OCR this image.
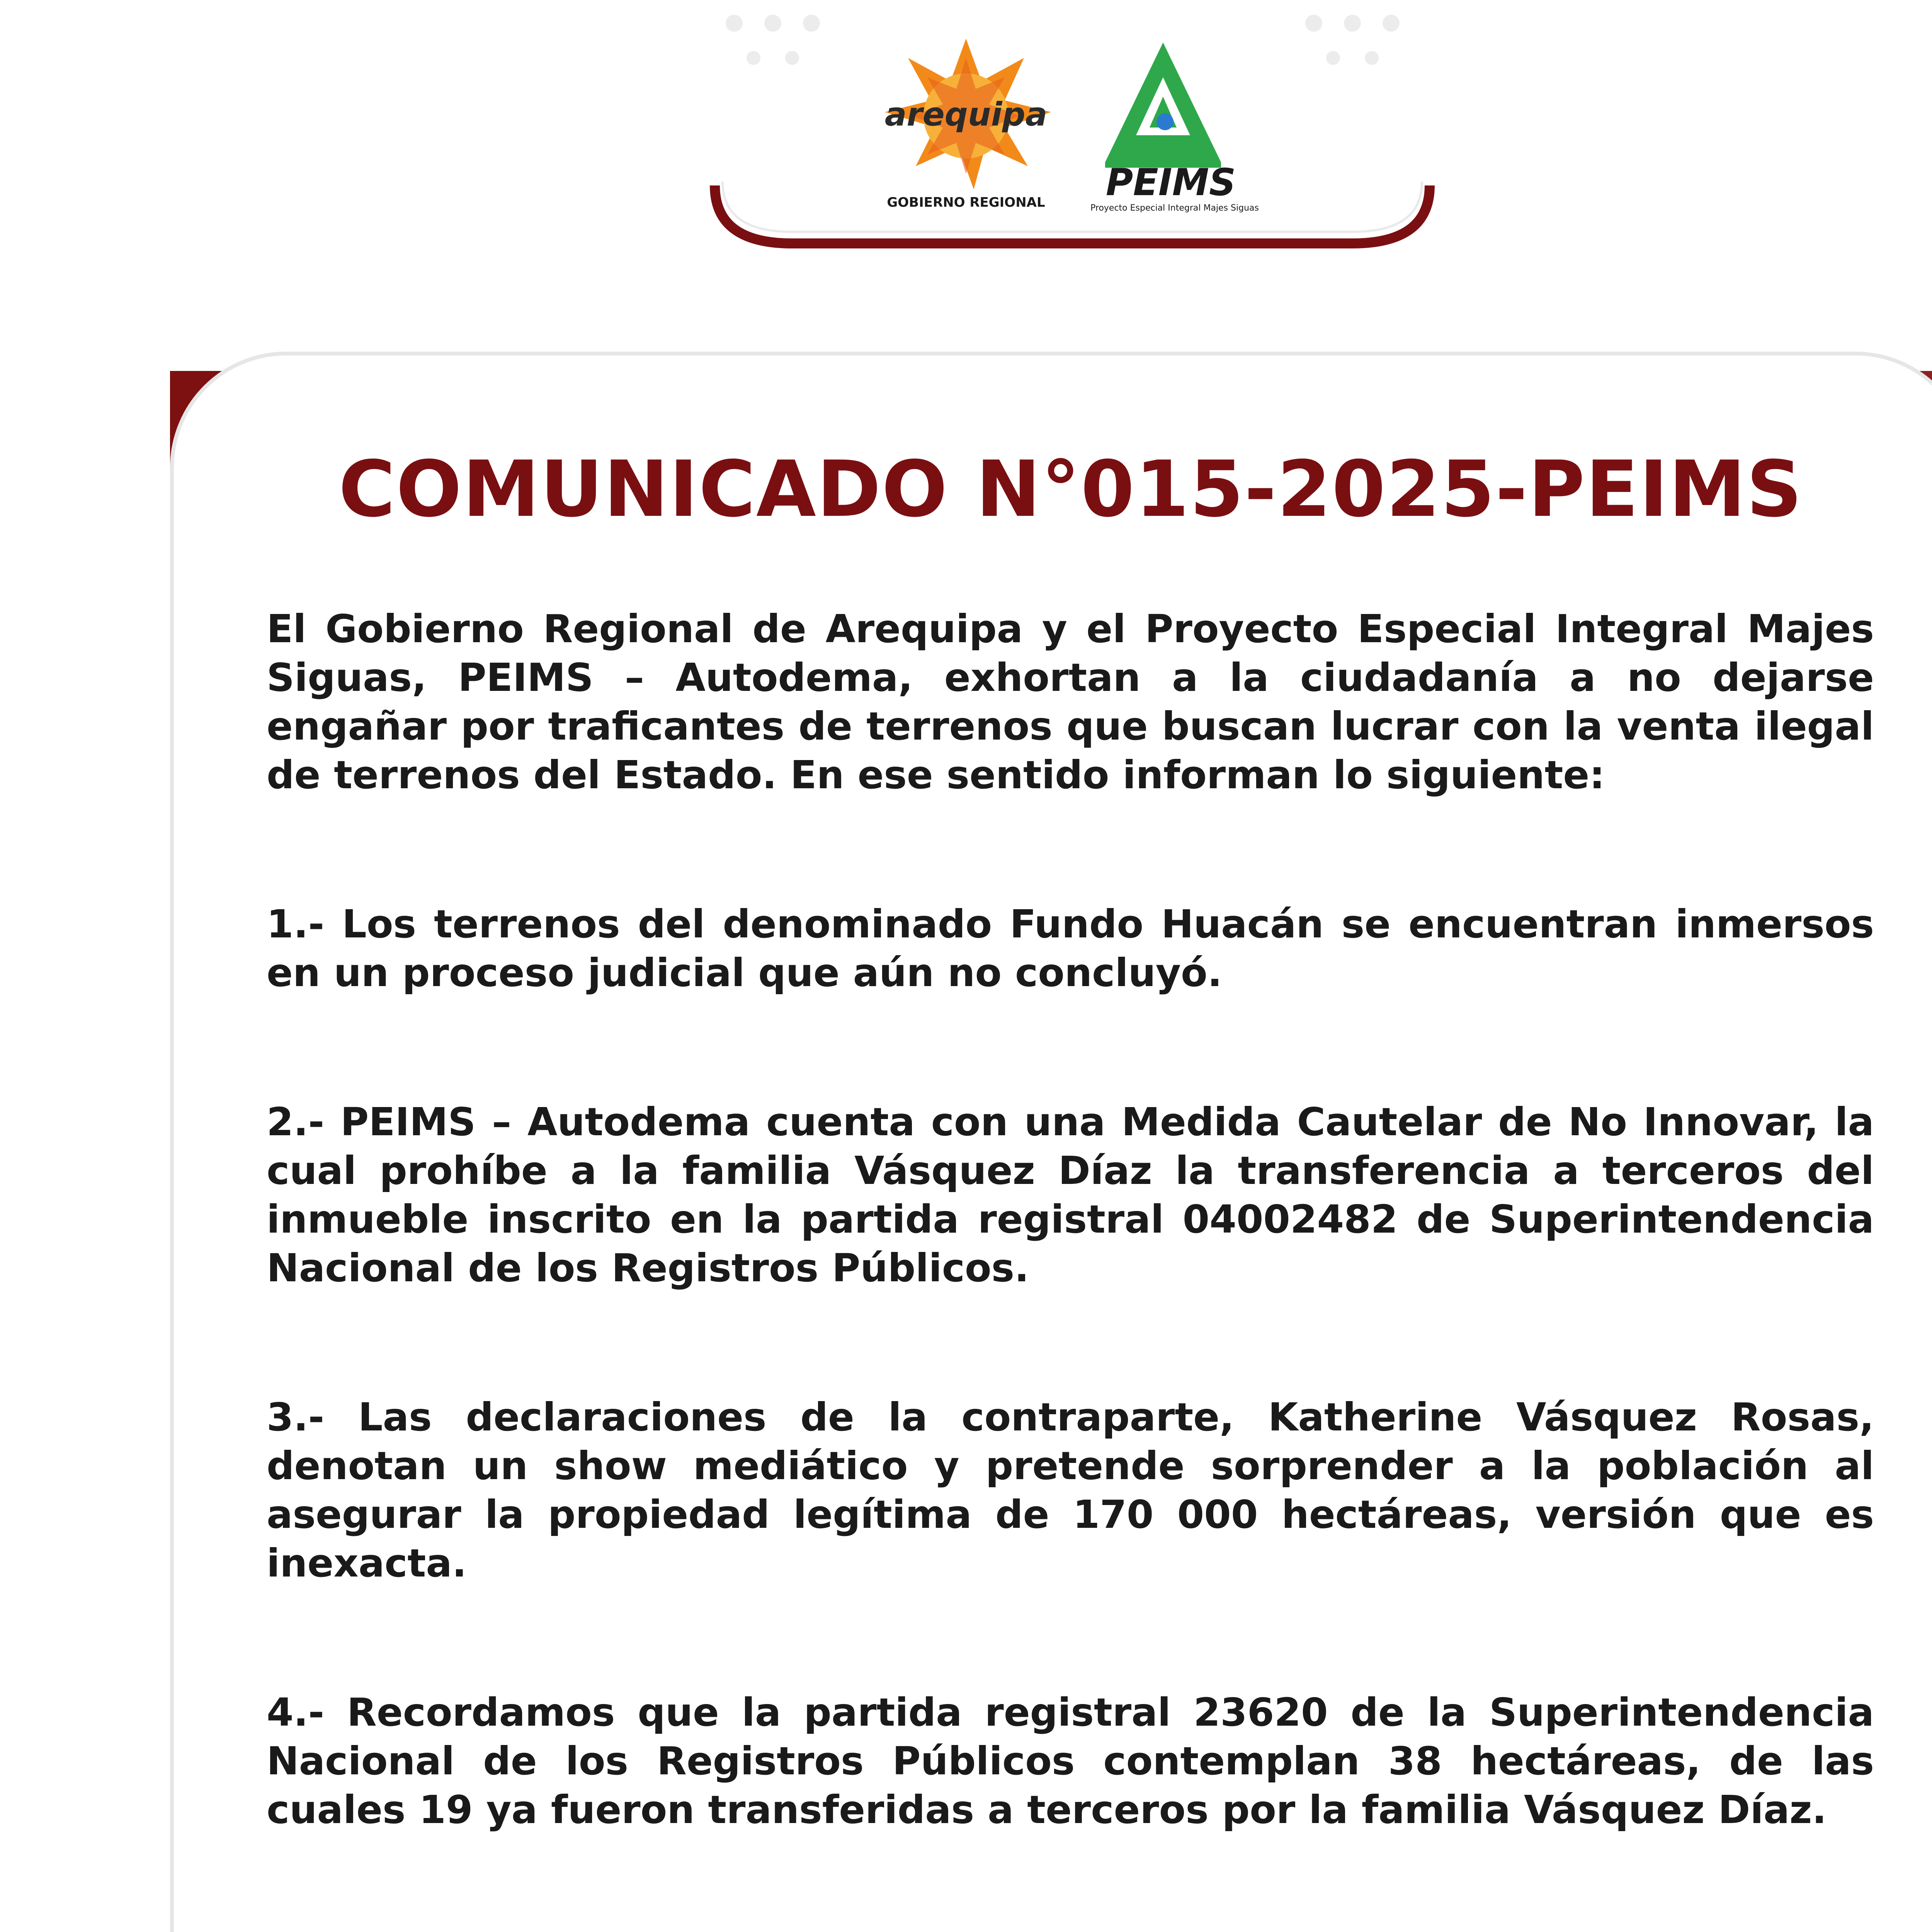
arequipa
GOBIERNO REGIONAL PEIMS
Proyecto Especial Integral Majes Siguas
COMUNICADO N°015-2025-PEIMS

El Gobierno Regional de Arequipa y el Proyecto Especial Integral Majes Siguas, PEIMS – Autodema, exhortan a la ciudadanía a no dejarse engañar por traficantes de terrenos que buscan lucrar con la venta ilegal de terrenos del Estado. En ese sentido informan lo siguiente:

1.- Los terrenos del denominado Fundo Huacán se encuentran inmersos en un proceso judicial que aún no concluyó.

2.- PEIMS – Autodema cuenta con una Medida Cautelar de No Innovar, la cual prohíbe a la familia Vásquez Díaz la transferencia a terceros del inmueble inscrito en la partida registral 04002482 de Superintendencia Nacional de los Registros Públicos.

3.- Las declaraciones de la contraparte, Katherine Vásquez Rosas, denotan un show mediático y pretende sorprender a la población al asegurar la propiedad legítima de 170 000 hectáreas, versión que es inexacta.

4.- Recordamos que la partida registral 23620 de la Superintendencia Nacional de los Registros Públicos contemplan 38 hectáreas, de las cuales 19 ya fueron transferidas a terceros por la familia Vásquez Díaz.
